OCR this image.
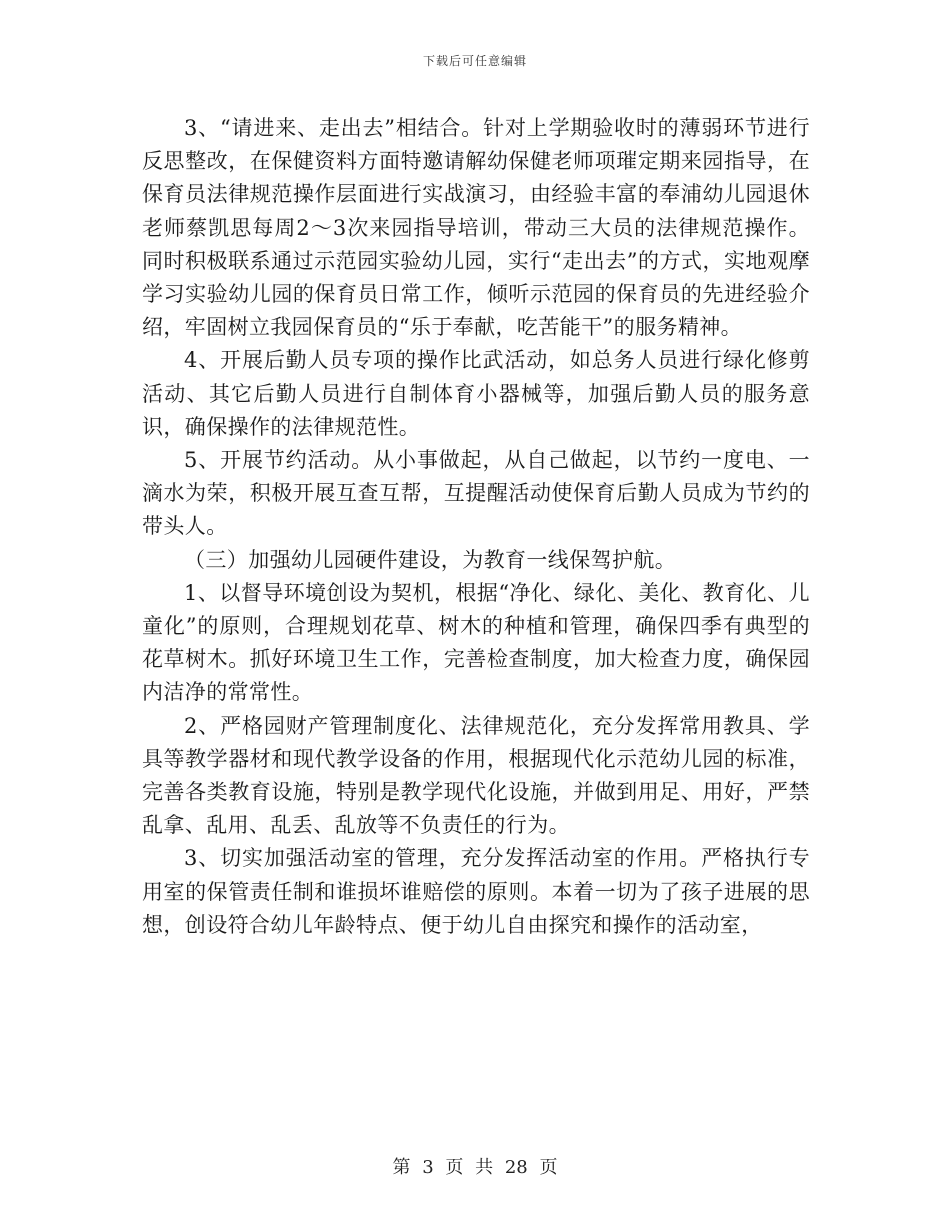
下载后可任意编辑

3、“请进来、走出去”相结合。针对上学期验收时的薄弱环节进行反思整改，在保健资料方面特邀请解幼保健老师项璀定期来园指导，在保育员法律规范操作层面进行实战演习，由经验丰富的奉浦幼儿园退休老师蔡凯思每周2～3次来园指导培训，带动三大员的法律规范操作。同时积极联系通过示范园实验幼儿园，实行“走出去”的方式，实地观摩学习实验幼儿园的保育员日常工作，倾听示范园的保育员的先进经验介绍，牢固树立我园保育员的“乐于奉献，吃苦能干”的服务精神。

4、开展后勤人员专项的操作比武活动，如总务人员进行绿化修剪活动、其它后勤人员进行自制体育小器械等，加强后勤人员的服务意识，确保操作的法律规范性。

5、开展节约活动。从小事做起，从自己做起，以节约一度电、一滴水为荣，积极开展互查互帮，互提醒活动使保育后勤人员成为节约的带头人。

（三）加强幼儿园硬件建设，为教育一线保驾护航。

1、以督导环境创设为契机，根据“净化、绿化、美化、教育化、儿童化”的原则，合理规划花草、树木的种植和管理，确保四季有典型的花草树木。抓好环境卫生工作，完善检查制度，加大检查力度，确保园内洁净的常常性。

2、严格园财产管理制度化、法律规范化，充分发挥常用教具、学具等教学器材和现代教学设备的作用，根据现代化示范幼儿园的标准，完善各类教育设施，特别是教学现代化设施，并做到用足、用好，严禁乱拿、乱用、乱丢、乱放等不负责任的行为。

3、切实加强活动室的管理，充分发挥活动室的作用。严格执行专用室的保管责任制和谁损坏谁赔偿的原则。本着一切为了孩子进展的思想，创设符合幼儿年龄特点、便于幼儿自由探究和操作的活动室，

第 3 页 共 28 页
